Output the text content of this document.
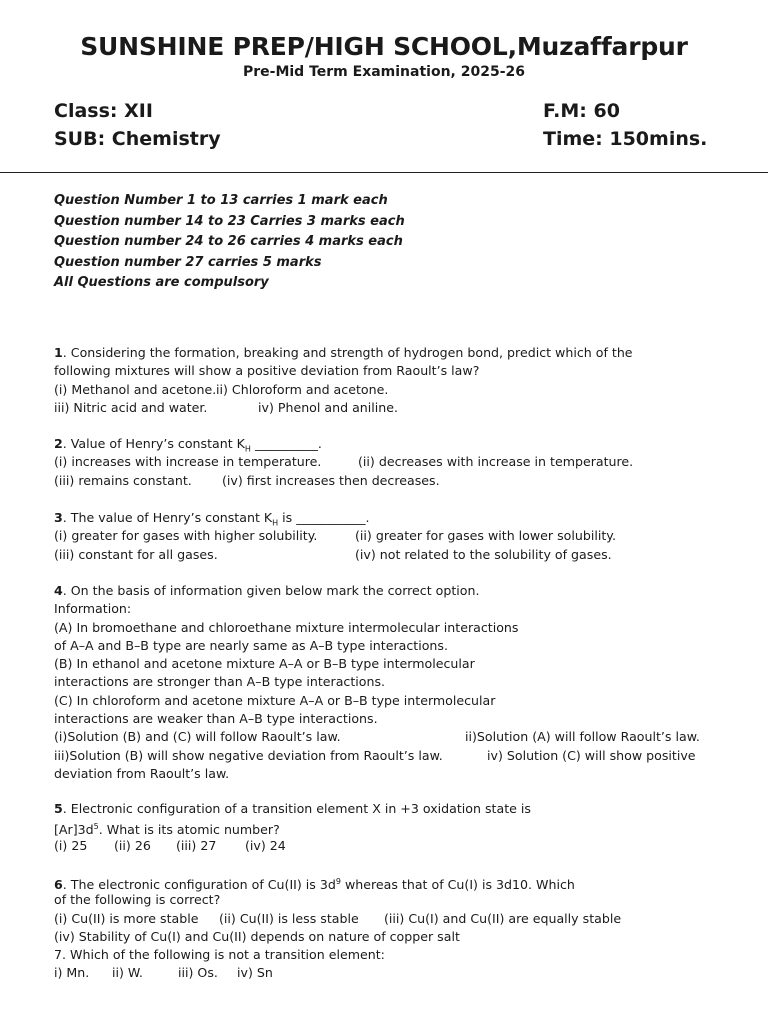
SUNSHINE PREP/HIGH SCHOOL,Muzaffarpur
Pre-Mid Term Examination, 2025-26
Class: XII
SUB: Chemistry
F.M: 60
Time: 150mins.
Question Number 1 to 13 carries 1 mark each
Question number 14 to 23 Carries 3 marks each
Question number 24 to 26 carries 4 marks each
Question number 27 carries 5 marks
All Questions are compulsory
1. Considering the formation, breaking and strength of hydrogen bond, predict which of the
following mixtures will show a positive deviation from Raoult’s law?
(i) Methanol and acetone. ii) Chloroform and acetone.
iii) Nitric acid and water.	iv) Phenol and aniline.
2. Value of Henry’s constant $K_H$ __________.
(i) increases with increase in temperature.	(ii) decreases with increase in temperature.
(iii) remains constant. (iv) first increases then decreases.
3. The value of Henry’s constant $K_H$ is ___________.
(i) greater for gases with higher solubility.	(ii) greater for gases with lower solubility.
(iii) constant for all gases.	(iv) not related to the solubility of gases.
4. On the basis of information given below mark the correct option.
Information:
(A) In bromoethane and chloroethane mixture intermolecular interactions
of A–A and B–B type are nearly same as A–B type interactions.
(B) In ethanol and acetone mixture A–A or B–B type intermolecular
interactions are stronger than A–B type interactions.
(C) In chloroform and acetone mixture A–A or B–B type intermolecular
interactions are weaker than A–B type interactions.
(i)Solution (B) and (C) will follow Raoult’s law.	ii)Solution (A) will follow Raoult’s law.
iii)Solution (B) will show negative deviation from Raoult’s law.	iv) Solution (C) will show positive
deviation from Raoult’s law.
5. Electronic configuration of a transition element X in +3 oxidation state is
$[Ar]3d^5$. What is its atomic number?
(i) 25 (ii) 26 (iii) 27 (iv) 24
6. The electronic configuration of Cu(II) is $3d^9$ whereas that of Cu(I) is 3d10. Which
of the following is correct?
(i) Cu(II) is more stable (ii) Cu(II) is less stable (iii) Cu(I) and Cu(II) are equally stable
(iv) Stability of Cu(I) and Cu(II) depends on nature of copper salt
7. Which of the following is not a transition element:
i) Mn. ii) W.	iii) Os. iv) Sn
